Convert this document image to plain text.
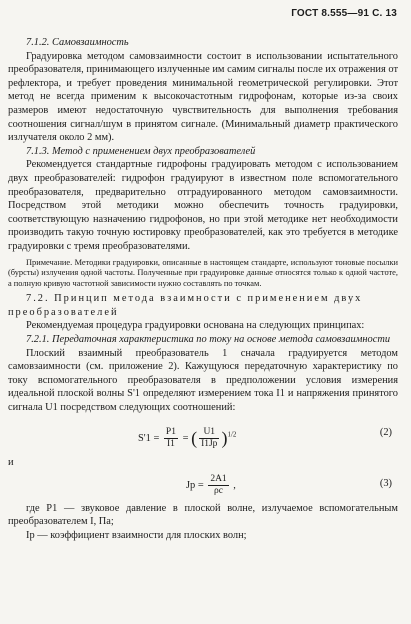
ГОСТ 8.555—91 С. 13

7.1.2. Самовзаимность

Градуировка методом самовзаимности состоит в использовании испытательного преобразователя, принимающего излученные им самим сигналы после их отражения от рефлектора, и требует проведения минимальной геометрической регулировки. Этот метод не всегда применим к высокочастотным гидрофонам, которые из-за своих размеров имеют недостаточную чувствительность для выполнения требования соотношения сигнал/шум в принятом сигнале. (Минимальный диаметр практического излучателя около 2 мм).

7.1.3. Метод с применением двух преобразователей

Рекомендуется стандартные гидрофоны градуировать методом с использованием двух преобразователей: гидрофон градуируют в известном поле вспомогательного преобразователя, предварительно отградуированного методом самовзаимности. Посредством этой методики можно обеспечить точность градуировки, соответствующую назначению гидрофонов, но при этой методике нет необходимости производить такую точную юстировку преобразователей, как это требуется в методике градуировки с тремя преобразователями.

Примечание. Методики градуировки, описанные в настоящем стандарте, используют тоновые посылки (бурсты) излучения одной частоты. Полученные при градуировке данные относятся только к одной частоте, а полную кривую частотной зависимости нужно составлять по точкам.

7.2. Принцип метода взаимности с применением двух преобразователей

Рекомендуемая процедура градуировки основана на следующих принципах:

7.2.1. Передаточная характеристика по току на основе метода самовзаимности

Плоский взаимный преобразователь 1 сначала градуируется методом самовзаимности (см. приложение 2). Кажущуюся передаточную характеристику по току вспомогательного преобразователя в предположении условия измерения идеальной плоской волны S'1 определяют измерением тока I1 и напряжения принятого сигнала U1 посредством следующих соотношений:

$S'1 = \frac{P1}{I1}$ = ( $\frac{U1}{I1Jp} )^{1/2}$	(2)

и

$Jp = \frac{2A1}{\rho c}$ ,	(3)

где P1 — звуковое давление в плоской волне, излучаемое вспомогательным преобразователем I, Па;

Ip — коэффициент взаимности для плоских волн;
